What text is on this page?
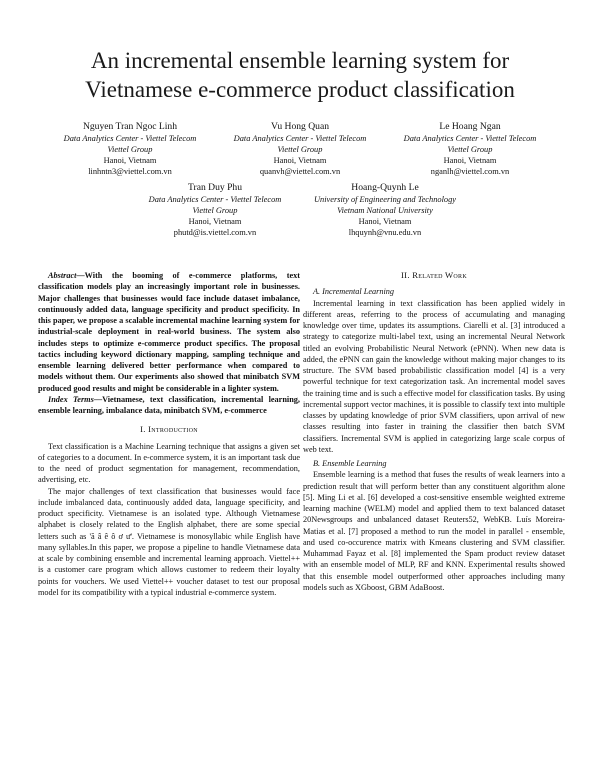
An incremental ensemble learning system for Vietnamese e-commerce product classification
Nguyen Tran Ngoc Linh
Data Analytics Center - Viettel Telecom
Viettel Group
Hanoi, Vietnam
linhntn3@viettel.com.vn
Vu Hong Quan
Data Analytics Center - Viettel Telecom
Viettel Group
Hanoi, Vietnam
quanvh@viettel.com.vn
Le Hoang Ngan
Data Analytics Center - Viettel Telecom
Viettel Group
Hanoi, Vietnam
nganlh@viettel.com.vn
Tran Duy Phu
Data Analytics Center - Viettel Telecom
Viettel Group
Hanoi, Vietnam
phutd@is.viettel.com.vn
Hoang-Quynh Le
University of Engineering and Technology
Vietnam National University
Hanoi, Vietnam
lhquynh@vnu.edu.vn

Abstract—With the booming of e-commerce platforms, text classification models play an increasingly important role in businesses. Major challenges that businesses would face include dataset imbalance, continuously added data, language specificity and product specificity. In this paper, we propose a scalable incremental machine learning system for industrial-scale deployment in real-world business. The system also includes steps to optimize e-commerce product specifics. The proposal tactics including keyword dictionary mapping, sampling technique and ensemble learning delivered better performance when compared to models without them. Our experiments also showed that minibatch SVM produced good results and might be considerable in a lighter system.

Index Terms—Vietnamese, text classification, incremental learning, ensemble learning, imbalance data, minibatch SVM, e-commerce

I. Introduction

Text classification is a Machine Learning technique that assigns a given set of categories to a document. In e-commerce system, it is an important task due to the need of product segmentation for management, recommendation, advertising, etc.

The major challenges of text classification that businesses would face include imbalanced data, continuously added data, language specificity, and product specificity. Vietnamese is an isolated type. Although Vietnamese alphabet is closely related to the English alphabet, there are some special letters such as 'ă â ê ô ơ ư'. Vietnamese is monosyllabic while English have many syllables.In this paper, we propose a pipeline to handle Vietnamese data at scale by combining ensemble and incremental learning approach. Viettel++ is a customer care program which allows customer to redeem their loyalty points for vouchers. We used Viettel++ voucher dataset to test our proposal model for its compatibility with a typical industrial e-commerce system.

II. Related Work

A. Incremental Learning

Incremental learning in text classification has been applied widely in different areas, referring to the process of accumulating and managing knowledge over time, updates its assumptions. Ciarelli et al. [3] introduced a strategy to categorize multi-label text, using an incremental Neural Network titled an evolving Probabilistic Neural Network (ePNN). When new data is added, the ePNN can gain the knowledge without making major changes to its structure. The SVM based probabilistic classification model [4] is a very powerful technique for text categorization task. An incremental model saves the training time and is such a effective model for classification tasks. By using incremental support vector machines, it is possible to classify text into multiple classes by updating knowledge of prior SVM classifiers, upon arrival of new classes resulting into faster in training the classifier then batch SVM classifiers. Incremental SVM is applied in categorizing large scale corpus of web text.

B. Ensemble Learning

Ensemble learning is a method that fuses the results of weak learners into a prediction result that will perform better than any constituent algorithm alone [5]. Ming Li et al. [6] developed a cost-sensitive ensemble weighted extreme learning machine (WELM) model and applied them to text balanced dataset 20Newsgroups and unbalanced dataset Reuters52, WebKB. Luís Moreira-Matias et al. [7] proposed a method to run the model in parallel - ensemble, and used co-occurence matrix with Kmeans clustering and SVM classifier. Muhammad Fayaz et al. [8] implemented the Spam product review dataset with an ensemble model of MLP, RF and KNN. Experimental results showed that this ensemble model outperformed other approaches including many models such as XGboost, GBM AdaBoost.
